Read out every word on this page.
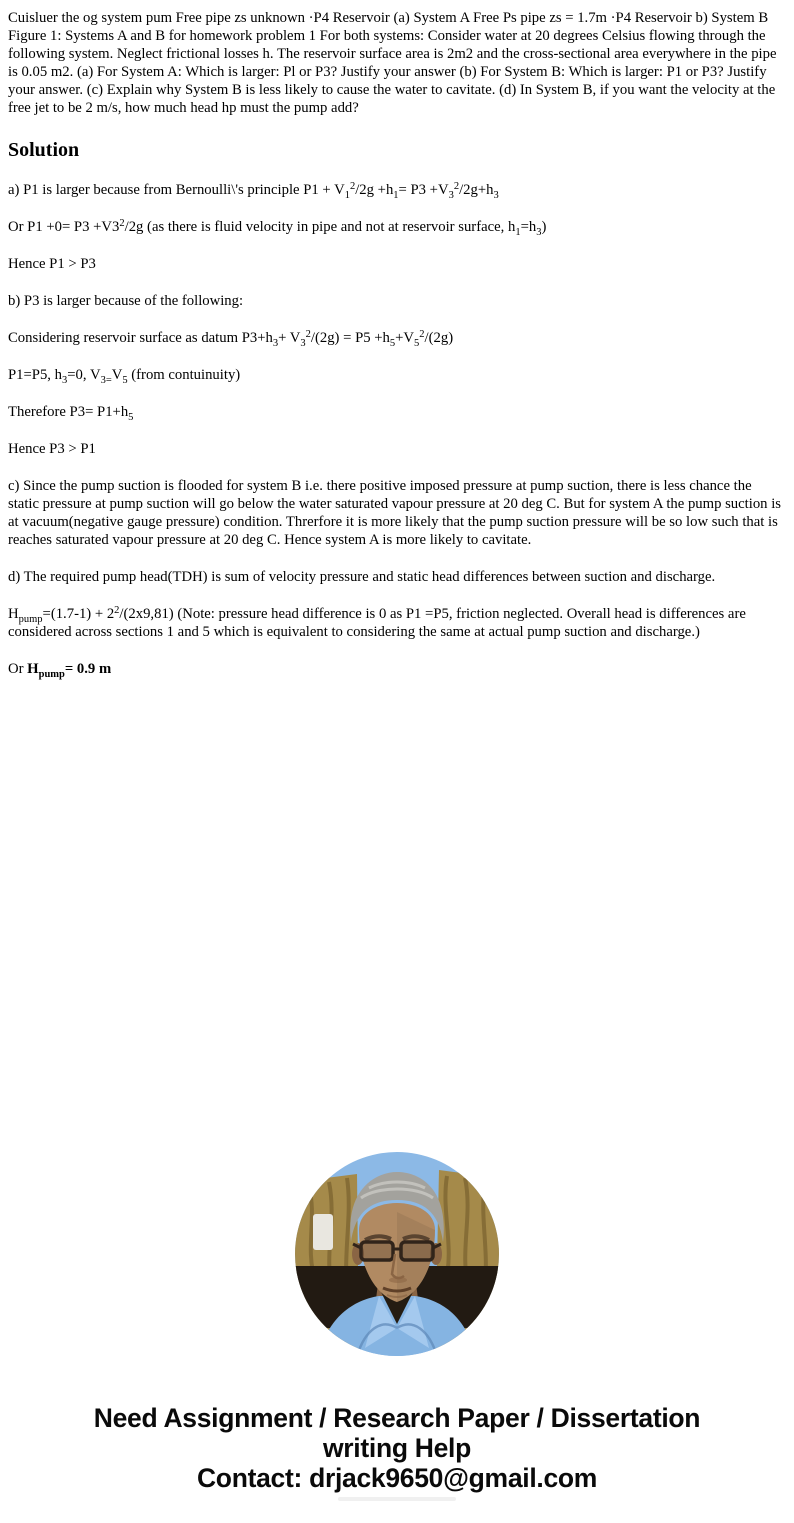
Cuisluer the og system pum Free pipe zs unknown ·P4 Reservoir (a) System A Free Ps pipe zs = 1.7m ·P4 Reservoir b) System B Figure 1: Systems A and B for homework problem 1 For both systems: Consider water at 20 degrees Celsius flowing through the following system. Neglect frictional losses h. The reservoir surface area is 2m2 and the cross-sectional area everywhere in the pipe is 0.05 m2. (a) For System A: Which is larger: Pl or P3? Justify your answer (b) For System B: Which is larger: P1 or P3? Justify your answer. (c) Explain why System B is less likely to cause the water to cavitate. (d) In System B, if you want the velocity at the free jet to be 2 m/s, how much head hp must the pump add?

Solution

a) P1 is larger because from Bernoulli\'s principle $P1 + V_1^2/2g +h_1= P3 +V_3^2/2g+h_3$

Or $P1 +0= P3 +V3^2/2g$ (as there is fluid velocity in pipe and not at reservoir surface, $h_1=h_3$)

Hence P1 > P3

b) P3 is larger because of the following:

Considering reservoir surface as datum $P3+h_3+ V_3^2/(2g) = P5 +h_5+V_5^2/(2g)$

P1=P5, $h_3=0$, $V_{3=}V_5$ (from contuinuity)

Therefore $P3= P1+h_5$

Hence P3 > P1

c) Since the pump suction is flooded for system B i.e. there positive imposed pressure at pump suction, there is less chance the static pressure at pump suction will go below the water saturated vapour pressure at 20 deg C. But for system A the pump suction is at vacuum(negative gauge pressure) condition. Threrfore it is more likely that the pump suction pressure will be so low such that is reaches saturated vapour pressure at 20 deg C. Hence system A is more likely to cavitate.

d) The required pump head(TDH) is sum of velocity pressure and static head differences between suction and discharge.

$H_{pump}=(1.7-1) + 2^2/(2x9,81)$ (Note: pressure head difference is 0 as P1 =P5, friction neglected. Overall head is differences are considered across sections 1 and 5 which is equivalent to considering the same at actual pump suction and discharge.)

Or $H_{pump}= 0.9$ m

Need Assignment / Research Paper / Dissertation
writing Help
Contact: drjack9650@gmail.com
